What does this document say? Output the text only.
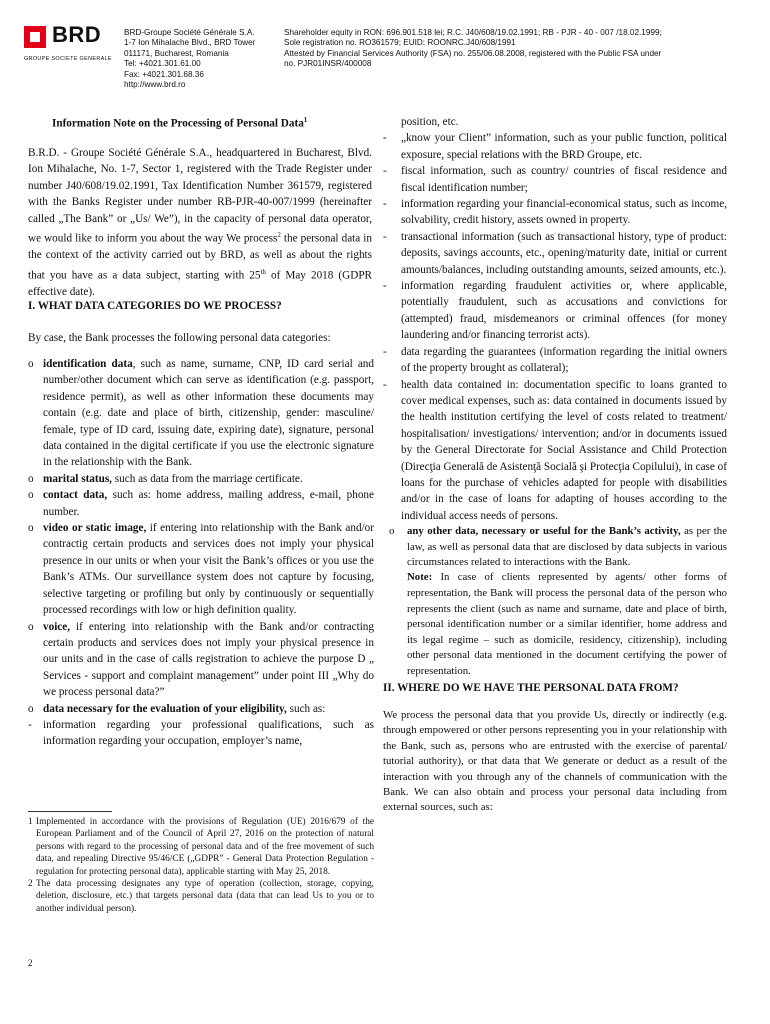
BRD
GROUPE SOCIETE GENERALE
BRD-Groupe Société Générale S.A.
1-7 Ion Mihalache Blvd., BRD Tower
011171, Bucharest, Romania
Tel: +4021.301.61.00
Fax: +4021.301.68.36
http://www.brd.ro
Shareholder equity in RON: 696.901.518 lei; R.C. J40/608/19.02.1991; RB - PJR - 40 - 007 /18.02.1999;
Sole registration no. RO361579; EUID: ROONRC.J40/608/1991
Attested by Financial Services Authority (FSA) no. 255/06.08.2008, registered with the Public FSA under
no. PJR01INSR/400008
Information Note on the Processing of Personal Data$^1$
B.R.D. - Groupe Société Générale S.A., headquartered in Bucharest, Blvd. Ion Mihalache, No. 1-7, Sector 1, registered with the Trade Register under number J40/608/19.02.1991, Tax Identification Number 361579, registered with the Banks Register under number RB-PJR-40-007/1999 (hereinafter called „The Bank” or „Us/ We”), in the capacity of personal data operator, we would like to inform you about the way We process$^2$ the personal data in the context of the activity carried out by BRD, as well as about the rights that you have as a data subject, starting with 25th of May 2018 (GDPR effective date).
I. WHAT DATA CATEGORIES DO WE PROCESS?
By case, the Bank processes the following personal data categories:
o identification data, such as name, surname, CNP, ID card serial and number/other document which can serve as identification (e.g. passport, residence permit), as well as other information these documents may contain (e.g. date and place of birth, citizenship, gender: masculine/ female, type of ID card, issuing date, expiring date), signature, personal data contained in the digital certificate if you use the electronic signature in the relationship with the Bank.
o marital status, such as data from the marriage certificate.
o contact data, such as: home address, mailing address, e-mail, phone number.
o video or static image, if entering into relationship with the Bank and/or contractig certain products and services does not imply your physical presence in our units or when your visit the Bank’s offices or you use the Bank’s ATMs. Our surveillance system does not capture by focusing, selective targeting or profiling but only by continuously or sequentially processed recordings with low or high definition quality.
o voice, if entering into relationship with the Bank and/or contracting certain products and services does not imply your physical presence in our units and in the case of calls registration to achieve the purpose D „ Services - support and complaint management” under point III „Why do we process personal data?”
o data necessary for the evaluation of your eligibility, such as:
- information regarding your professional qualifications, such as information regarding your occupation, employer’s name,
1 Implemented in accordance with the provisions of Regulation (UE) 2016/679 of the European Parliament and of the Council of April 27, 2016 on the protection of natural persons with regard to the processing of personal data and of the free movement of such data, and repealing Directive 95/46/CE („GDPR” - General Data Protection Regulation - regulation for protecting personal data), applicable starting with May 25, 2018.
2 The data processing designates any type of operation (collection, storage, copying, deletion, disclosure, etc.) that targets personal data (data that can lead Us to you or to another individual person).
2

position, etc.

- „know your Client” information, such as your public function, political exposure, special relations with the BRD Groupe, etc.
- fiscal information, such as country/ countries of fiscal residence and fiscal identification number;
- information regarding your financial-economical status, such as income, solvability, credit history, assets owned in property.
- transactional information (such as transactional history, type of product: deposits, savings accounts, etc., opening/maturity date, initial or current amounts/balances, including outstanding amounts, seized amounts, etc.).
- information regarding fraudulent activities or, where applicable, potentially fraudulent, such as accusations and convictions for (attempted) fraud, misdemeanors or criminal offences (for money laundering and/or financing terrorist acts).
- data regarding the guarantees (information regarding the initial owners of the property brought as collateral);
- health data contained in: documentation specific to loans granted to cover medical expenses, such as: data contained in documents issued by the health institution certifying the level of costs related to treatment/ hospitalisation/ investigations/ intervention; and/or in documents issued by the General Directorate for Social Assistance and Child Protection (Direcţia Generală de Asistenţă Socială şi Protecţia Copilului), in case of loans for the purchase of vehicles adapted for people with disabilities and/or in the case of loans for adapting of houses according to the individual access needs of persons.
o any other data, necessary or useful for the Bank’s activity, as per the law, as well as personal data that are disclosed by data subjects in various circumstances related to interactions with the Bank.

Note: In case of clients represented by agents/ other forms of representation, the Bank will process the personal data of the person who represents the client (such as name and surname, date and place of birth, personal identification number or a similar identifier, home address and its legal regime – such as domicile, residency, citizenship), including other personal data mentioned in the document certifying the power of representation.

II. WHERE DO WE HAVE THE PERSONAL DATA FROM?

We process the personal data that you provide Us, directly or indirectly (e.g. through empowered or other persons representing you in your relationship with the Bank, such as, persons who are entrusted with the exercise of parental/ tutorial authority), or that data that We generate or deduct as a result of the interaction with you through any of the channels of communication with the Bank. We can also obtain and process your personal data including from external sources, such as:
